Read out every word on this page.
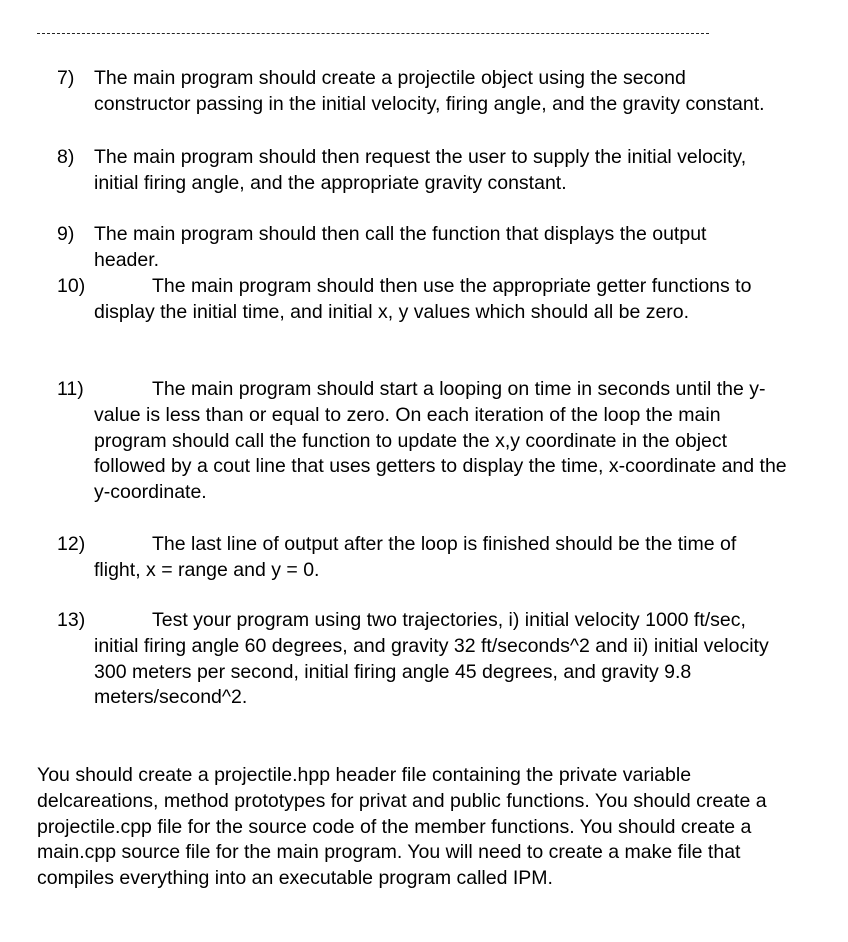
7) The main program should create a projectile object using the second constructor passing in the initial velocity, firing angle, and the gravity constant.

8) The main program should then request the user to supply the initial velocity, initial firing angle, and the appropriate gravity constant.

9) The main program should then call the function that displays the output header.

10)	The main program should then use the appropriate getter functions to display the initial time, and initial x, y values which should all be zero.

11)	The main program should start a looping on time in seconds until the y-value is less than or equal to zero. On each iteration of the loop the main program should call the function to update the x,y coordinate in the object followed by a cout line that uses getters to display the time, x-coordinate and the y-coordinate.

12)	The last line of output after the loop is finished should be the time of flight, x = range and y = 0.

13)	Test your program using two trajectories, i) initial velocity 1000 ft/sec, initial firing angle 60 degrees, and gravity 32 ft/seconds^2 and ii) initial velocity 300 meters per second, initial firing angle 45 degrees, and gravity 9.8 meters/second^2.

You should create a projectile.hpp header file containing the private variable delcareations, method prototypes for privat and public functions. You should create a projectile.cpp file for the source code of the member functions. You should create a main.cpp source file for the main program. You will need to create a make file that compiles everything into an executable program called IPM.
